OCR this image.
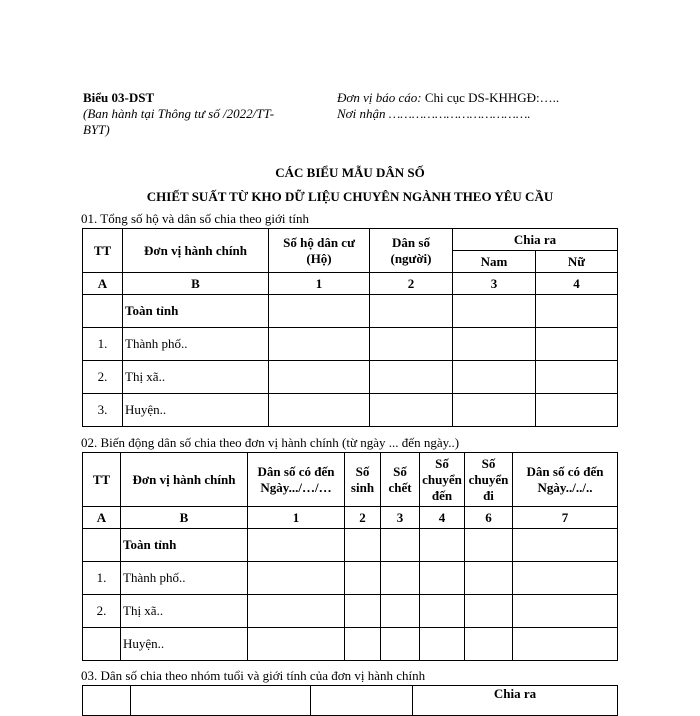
Biểu 03-DST
(Ban hành tại Thông tư số /2022/TT-
BYT)
Đơn vị báo cáo: Chi cục DS-KHHGĐ:…..
Nơi nhận ……………………………….
CÁC BIỂU MẪU DÂN SỐ
CHIẾT SUẤT TỪ KHO DỮ LIỆU CHUYÊN NGÀNH THEO YÊU CẦU
01. Tổng số hộ và dân số chia theo giới tính
TT	Đơn vị hành chính	Số hộ dân cư (Hộ)	Dân số (người)	Chia ra	
				Nam	Nữ
A	B	1	2	3	4
	Toàn tỉnh				
1.	Thành phố..				
2.	Thị xã..				
3.	Huyện..				
02. Biến động dân số chia theo đơn vị hành chính (từ ngày ... đến ngày..)
TT	Đơn vị hành chính	Dân số có đến Ngày.../…/…	Số sinh	Số chết	Số chuyển đến	Số chuyển đi	Dân số có đến Ngày../../..
A	B	1	2	3	4	6	7
	Toàn tỉnh						
1.	Thành phố..						
2.	Thị xã..						
	Huyện..						
03. Dân số chia theo nhóm tuổi và giới tính của đơn vị hành chính
			Chia ra
